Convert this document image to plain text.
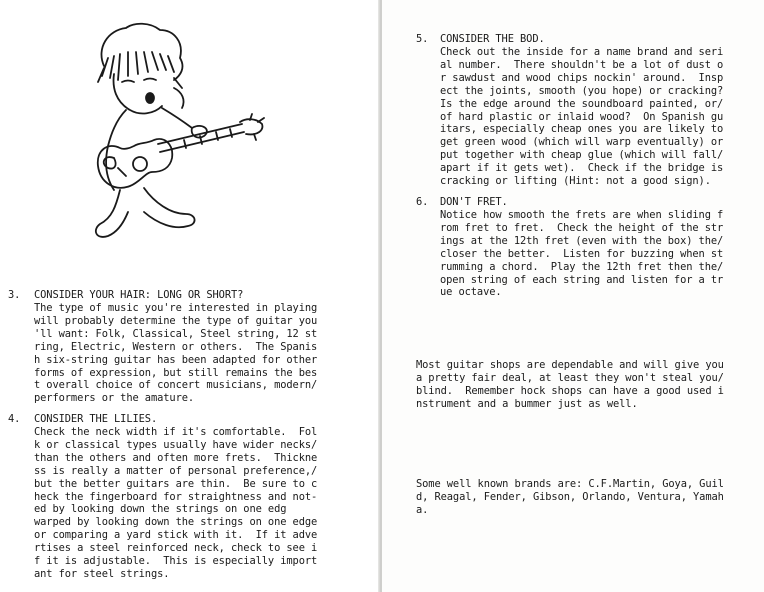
3. CONSIDER YOUR HAIR: LONG OR SHORT?
The type of music you're interested in playing
will probably determine the type of guitar you
'll want: Folk, Classical, Steel string, 12 st
ring, Electric, Western or others.  The Spanis
h six-string guitar has been adapted for other
forms of expression, but still remains the bes
t overall choice of concert musicians, modern/
performers or the amature.
4. CONSIDER THE LILIES.
Check the neck width if it's comfortable.  Fol
k or classical types usually have wider necks/
than the others and often more frets.  Thickne
ss is really a matter of personal preference,/
but the better guitars are thin.  Be sure to c
heck the fingerboard for straightness and not-
ed by looking down the strings on one edg
warped by looking down the strings on one edge
or comparing a yard stick with it.  If it adve
rtises a steel reinforced neck, check to see i
f it is adjustable.  This is especially import
ant for steel strings.
5. CONSIDER THE BOD.
Check out the inside for a name brand and seri
al number.  There shouldn't be a lot of dust o
r sawdust and wood chips nockin' around.  Insp
ect the joints, smooth (you hope) or cracking?
Is the edge around the soundboard painted, or/
of hard plastic or inlaid wood?  On Spanish gu
itars, especially cheap ones you are likely to
get green wood (which will warp eventually) or
put together with cheap glue (which will fall/
apart if it gets wet).  Check if the bridge is
cracking or lifting (Hint: not a good sign).
6. DON'T FRET.
Notice how smooth the frets are when sliding f
rom fret to fret.  Check the height of the str
ings at the 12th fret (even with the box) the/
closer the better.  Listen for buzzing when st
rumming a chord.  Play the 12th fret then the/
open string of each string and listen for a tr
ue octave.
Most guitar shops are dependable and will give you
a pretty fair deal, at least they won't steal you/
blind.  Remember hock shops can have a good used i
nstrument and a bummer just as well.
Some well known brands are: C.F.Martin, Goya, Guil
d, Reagal, Fender, Gibson, Orlando, Ventura, Yamah
a.
